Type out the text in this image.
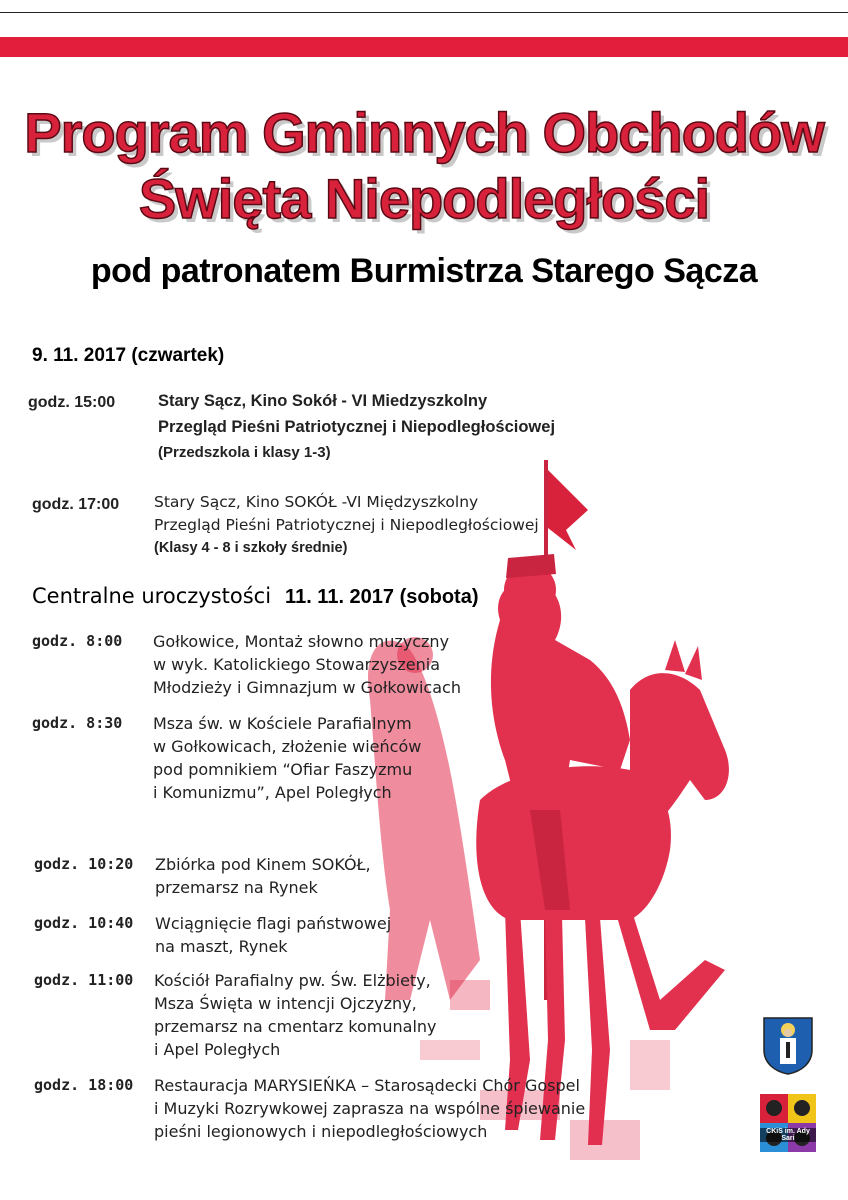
Program Gminnych Obchodów
Święta Niepodległości
pod patronatem Burmistrza Starego Sącza
9. 11. 2017 (czwartek)
godz. 15:00	Stary Sącz, Kino Sokół - VI Miedzyszkolny
Przegląd Pieśni Patriotycznej i Niepodległościowej
(Przedszkola i klasy 1-3)
godz. 17:00 Stary Sącz, Kino SOKÓŁ -VI Międzyszkolny
Przegląd Pieśni Patriotycznej i Niepodległościowej
(Klasy 4 - 8 i szkoły średnie)
Centralne uroczystości 11. 11. 2017 (sobota)
godz. 8:00 Gołkowice, Montaż słowno muzyczny
w wyk. Katolickiego Stowarzyszenia
Młodzieży i Gimnazjum w Gołkowicach
godz. 8:30 Msza św. w Kościele Parafialnym
w Gołkowicach, złożenie wieńców
pod pomnikiem “Ofiar Faszyzmu
i Komunizmu”, Apel Poległych
godz. 10:20 Zbiórka pod Kinem SOKÓŁ,
przemarsz na Rynek
godz. 10:40 Wciągnięcie flagi państwowej
na maszt, Rynek
godz. 11:00 Kościół Parafialny pw. Św. Elżbiety,
Msza Święta w intencji Ojczyzny,
przemarsz na cmentarz komunalny
i Apel Poległych
godz. 18:00 Restauracja MARYSIEŃKA – Starosądecki Chór Gospel
i Muzyki Rozrywkowej zaprasza na wspólne śpiewanie
pieśni legionowych i niepodległościowych	CKiS im. Ady Sari
